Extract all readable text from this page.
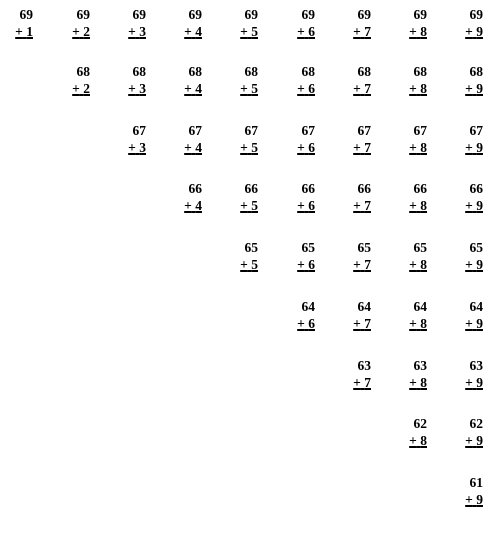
69
+ 1
69
+ 2
69
+ 3
69
+ 4
69
+ 5
69
+ 6
69
+ 7
69
+ 8
69
+ 9
68
+ 2
68
+ 3
68
+ 4
68
+ 5
68
+ 6
68
+ 7
68
+ 8
68
+ 9
67
+ 3
67
+ 4
67
+ 5
67
+ 6
67
+ 7
67
+ 8
67
+ 9
66
+ 4
66
+ 5
66
+ 6
66
+ 7
66
+ 8
66
+ 9
65
+ 5
65
+ 6
65
+ 7
65
+ 8
65
+ 9
64
+ 6
64
+ 7
64
+ 8
64
+ 9
63
+ 7
63
+ 8
63
+ 9
62
+ 8
62
+ 9
61
+ 9
